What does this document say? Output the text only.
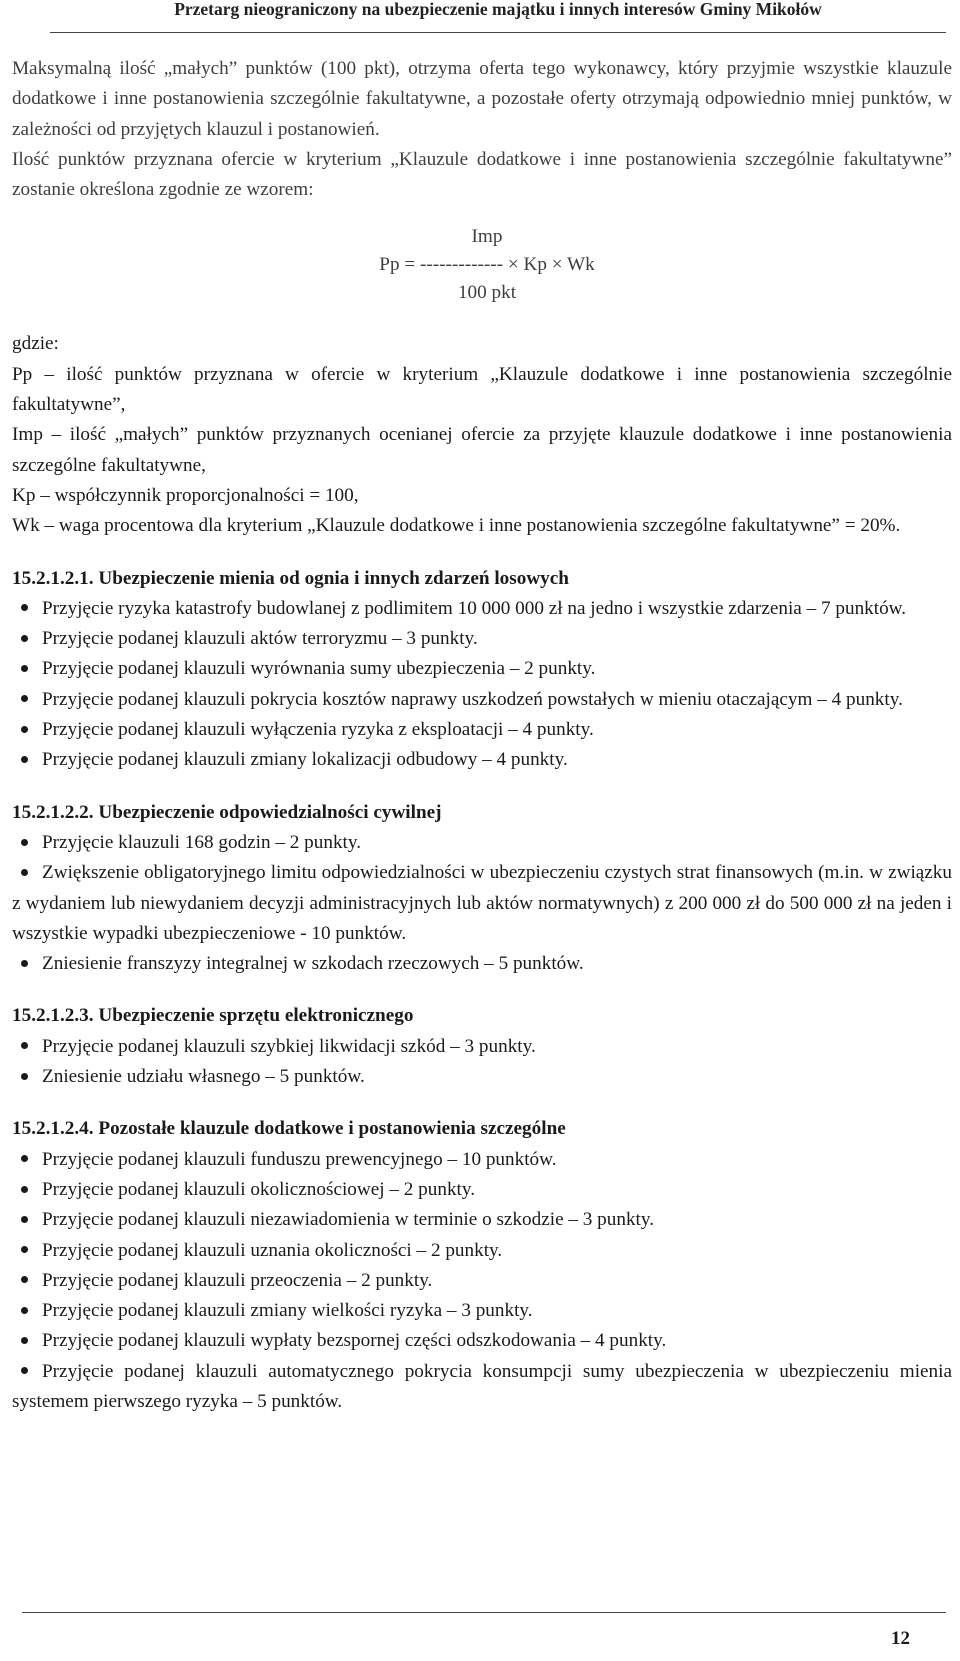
Przetarg nieograniczony na ubezpieczenie majątku i innych interesów Gminy Mikołów

Maksymalną ilość „małych” punktów (100 pkt), otrzyma oferta tego wykonawcy, który przyjmie wszystkie klauzule dodatkowe i inne postanowienia szczególnie fakultatywne, a pozostałe oferty otrzymają odpowiednio mniej punktów, w zależności od przyjętych klauzul i postanowień.

Ilość punktów przyznana ofercie w kryterium „Klauzule dodatkowe i inne postanowienia szczególnie fakultatywne” zostanie określona zgodnie ze wzorem:

Imp
Pp = ------------- × Kp × Wk
100 pkt

gdzie:

Pp – ilość punktów przyznana w ofercie w kryterium „Klauzule dodatkowe i inne postanowienia szczególnie fakultatywne”,

Imp – ilość „małych” punktów przyznanych ocenianej ofercie za przyjęte klauzule dodatkowe i inne postanowienia szczególne fakultatywne,

Kp – współczynnik proporcjonalności = 100,

Wk – waga procentowa dla kryterium „Klauzule dodatkowe i inne postanowienia szczególne fakultatywne” = 20%.

15.2.1.2.1. Ubezpieczenie mienia od ognia i innych zdarzeń losowych

Przyjęcie ryzyka katastrofy budowlanej z podlimitem 10 000 000 zł na jedno i wszystkie zdarzenia – 7 punktów.
Przyjęcie podanej klauzuli aktów terroryzmu – 3 punkty.
Przyjęcie podanej klauzuli wyrównania sumy ubezpieczenia – 2 punkty.
Przyjęcie podanej klauzuli pokrycia kosztów naprawy uszkodzeń powstałych w mieniu otaczającym – 4 punkty.
Przyjęcie podanej klauzuli wyłączenia ryzyka z eksploatacji – 4 punkty.
Przyjęcie podanej klauzuli zmiany lokalizacji odbudowy – 4 punkty.

15.2.1.2.2. Ubezpieczenie odpowiedzialności cywilnej

Przyjęcie klauzuli 168 godzin – 2 punkty.
Zwiększenie obligatoryjnego limitu odpowiedzialności w ubezpieczeniu czystych strat finansowych (m.in. w związku z wydaniem lub niewydaniem decyzji administracyjnych lub aktów normatywnych) z 200 000 zł do 500 000 zł na jeden i wszystkie wypadki ubezpieczeniowe - 10 punktów.
Zniesienie franszyzy integralnej w szkodach rzeczowych – 5 punktów.

15.2.1.2.3. Ubezpieczenie sprzętu elektronicznego

Przyjęcie podanej klauzuli szybkiej likwidacji szkód – 3 punkty.
Zniesienie udziału własnego – 5 punktów.

15.2.1.2.4. Pozostałe klauzule dodatkowe i postanowienia szczególne

Przyjęcie podanej klauzuli funduszu prewencyjnego – 10 punktów.
Przyjęcie podanej klauzuli okolicznościowej – 2 punkty.
Przyjęcie podanej klauzuli niezawiadomienia w terminie o szkodzie – 3 punkty.
Przyjęcie podanej klauzuli uznania okoliczności – 2 punkty.
Przyjęcie podanej klauzuli przeoczenia – 2 punkty.
Przyjęcie podanej klauzuli zmiany wielkości ryzyka – 3 punkty.
Przyjęcie podanej klauzuli wypłaty bezspornej części odszkodowania – 4 punkty.
Przyjęcie podanej klauzuli automatycznego pokrycia konsumpcji sumy ubezpieczenia w ubezpieczeniu mienia systemem pierwszego ryzyka – 5 punktów.
12
